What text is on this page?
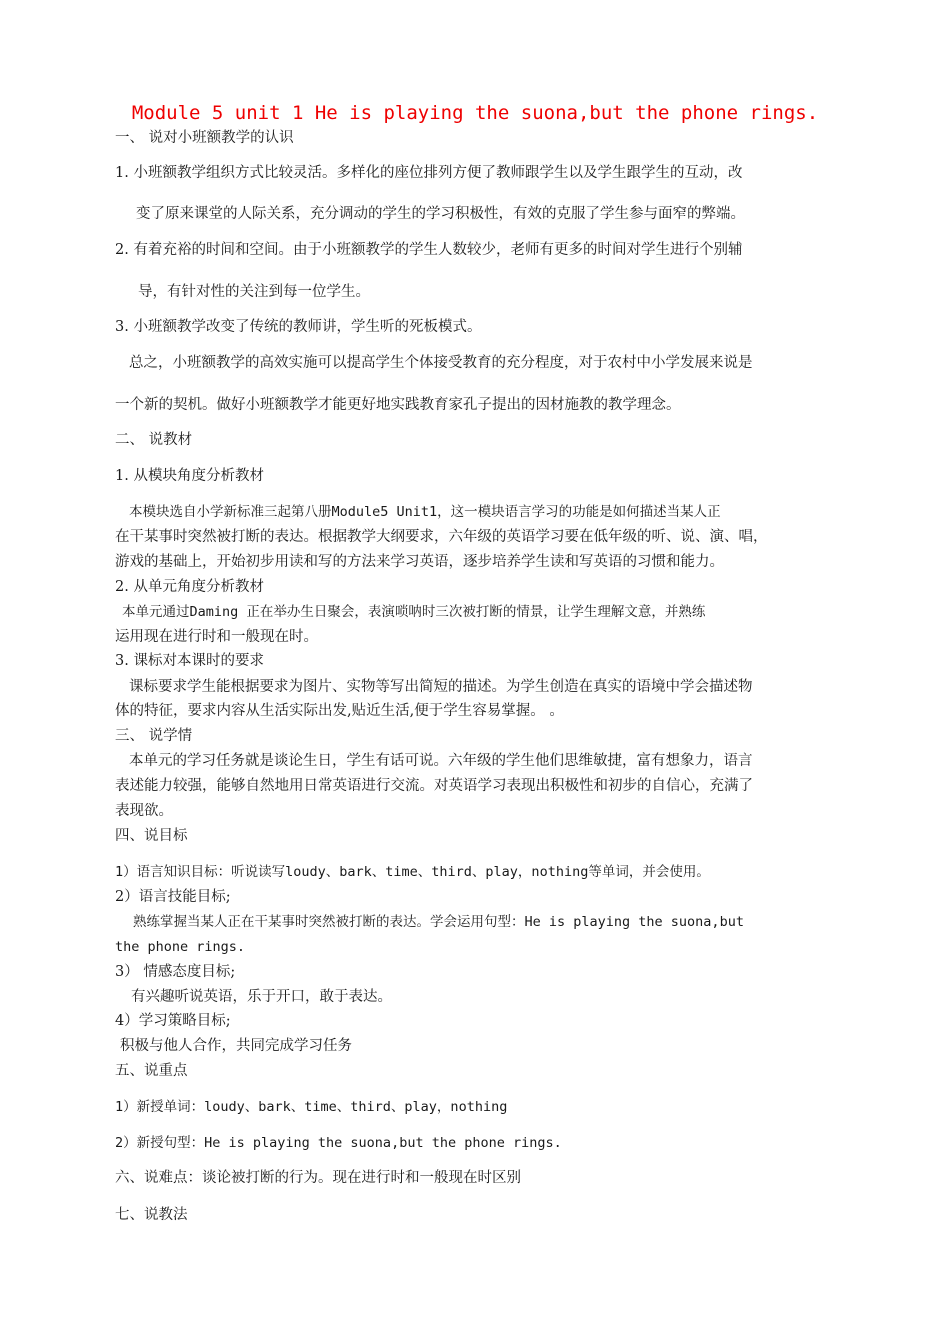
Module 5 unit 1 He is playing the suona,but the phone rings.
一、 说对小班额教学的认识
1. 小班额教学组织方式比较灵活。多样化的座位排列方便了教师跟学生以及学生跟学生的互动，改
变了原来课堂的人际关系，充分调动的学生的学习积极性，有效的克服了学生参与面窄的弊端。
2. 有着充裕的时间和空间。由于小班额教学的学生人数较少，老师有更多的时间对学生进行个别辅
导，有针对性的关注到每一位学生。
3. 小班额教学改变了传统的教师讲，学生听的死板模式。
总之，小班额教学的高效实施可以提高学生个体接受教育的充分程度，对于农村中小学发展来说是
一个新的契机。做好小班额教学才能更好地实践教育家孔子提出的因材施教的教学理念。
二、 说教材
1. 从模块角度分析教材
本模块选自小学新标准三起第八册Module5 Unit1，这一模块语言学习的功能是如何描述当某人正
在干某事时突然被打断的表达。根据教学大纲要求，六年级的英语学习要在低年级的听、说、演、唱，
游戏的基础上，开始初步用读和写的方法来学习英语，逐步培养学生读和写英语的习惯和能力。
2. 从单元角度分析教材
本单元通过Daming 正在举办生日聚会，表演唢呐时三次被打断的情景，让学生理解文意，并熟练
运用现在进行时和一般现在时。
3. 课标对本课时的要求
课标要求学生能根据要求为图片、实物等写出简短的描述。为学生创造在真实的语境中学会描述物
体的特征，要求内容从生活实际出发,贴近生活,便于学生容易掌握。 。
三、 说学情
本单元的学习任务就是谈论生日，学生有话可说。六年级的学生他们思维敏捷，富有想象力，语言
表述能力较强，能够自然地用日常英语进行交流。对英语学习表现出积极性和初步的自信心，充满了
表现欲。
四、说目标
1）语言知识目标：听说读写loudy、bark、time、third、play，nothing等单词，并会使用。
2）语言技能目标;
熟练掌握当某人正在干某事时突然被打断的表达。学会运用句型：He is playing the suona,but
the phone rings.
3） 情感态度目标;
有兴趣听说英语，乐于开口，敢于表达。
4）学习策略目标;
积极与他人合作，共同完成学习任务
五、说重点
1）新授单词：loudy、bark、time、third、play，nothing
2）新授句型：He is playing the suona,but the phone rings.
六、说难点：谈论被打断的行为。现在进行时和一般现在时区别
七、说教法
